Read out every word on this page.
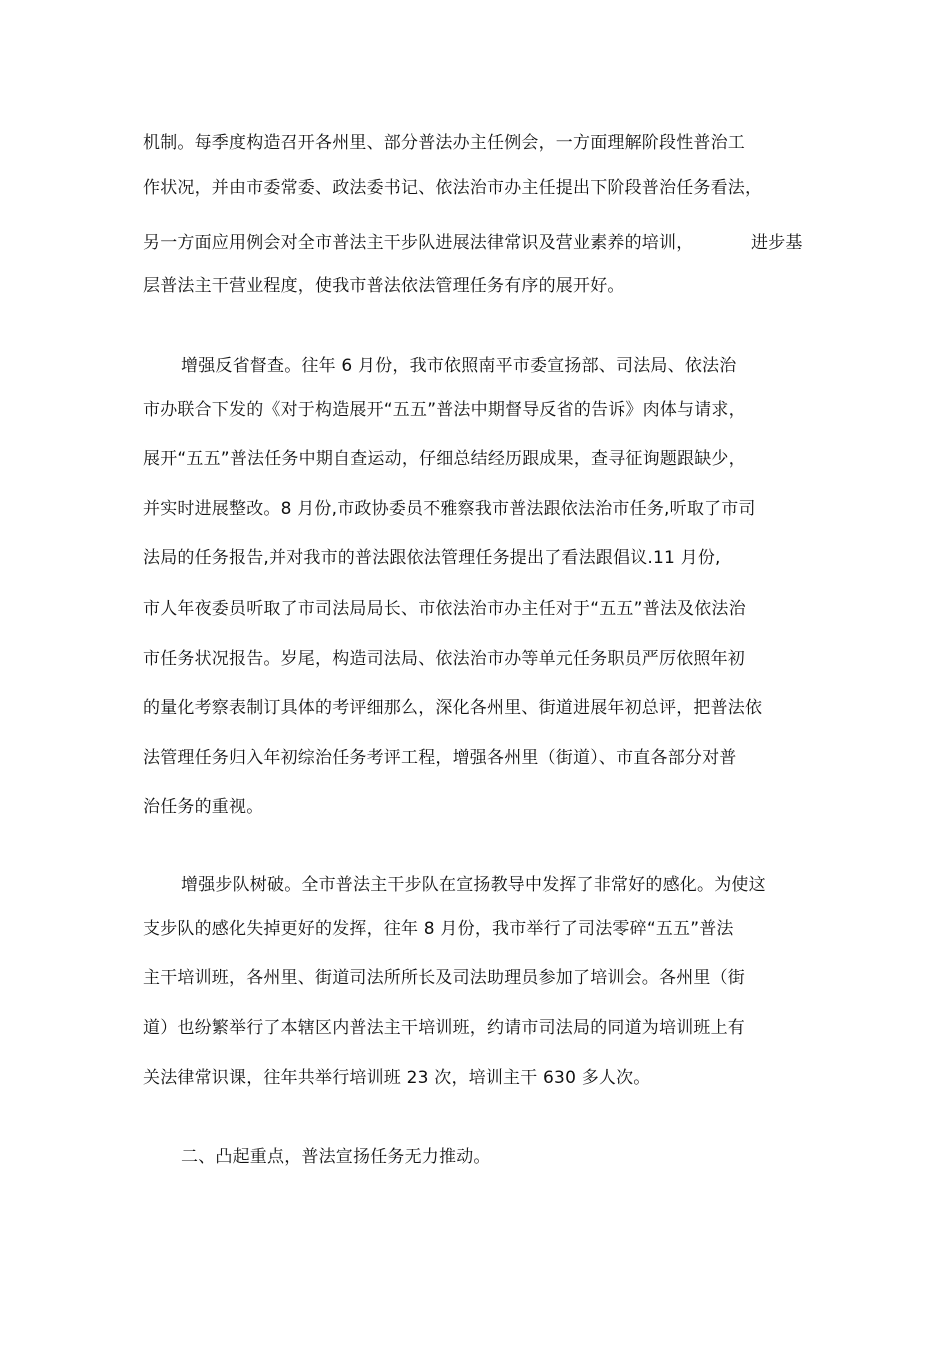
机制。每季度构造召开各州里、部分普法办主任例会，一方面理解阶段性普治工
作状况，并由市委常委、政法委书记、依法治市办主任提出下阶段普治任务看法，
另一方面应用例会对全市普法主干步队进展法律常识及营业素养的培训，	进步基
层普法主干营业程度，使我市普法依法管理任务有序的展开好。
增强反省督查。往年 6 月份，我市依照南平市委宣扬部、司法局、依法治
市办联合下发的《对于构造展开“五五”普法中期督导反省的告诉》肉体与请求，
展开“五五”普法任务中期自查运动，仔细总结经历跟成果，查寻征询题跟缺少，
并实时进展整改。8 月份,市政协委员不雅察我市普法跟依法治市任务,听取了市司
法局的任务报告,并对我市的普法跟依法管理任务提出了看法跟倡议.11 月份,
市人年夜委员听取了市司法局局长、市依法治市办主任对于“五五”普法及依法治
市任务状况报告。岁尾，构造司法局、依法治市办等单元任务职员严厉依照年初
的量化考察表制订具体的考评细那么，深化各州里、街道进展年初总评，把普法依
法管理任务归入年初综治任务考评工程，增强各州里（街道）、市直各部分对普
治任务的重视。
增强步队树破。全市普法主干步队在宣扬教导中发挥了非常好的感化。为使这
支步队的感化失掉更好的发挥，往年 8 月份，我市举行了司法零碎“五五”普法
主干培训班，各州里、街道司法所所长及司法助理员参加了培训会。各州里（街
道）也纷繁举行了本辖区内普法主干培训班，约请市司法局的同道为培训班上有
关法律常识课，往年共举行培训班 23 次，培训主干 630 多人次。
二、凸起重点，普法宣扬任务无力推动。
